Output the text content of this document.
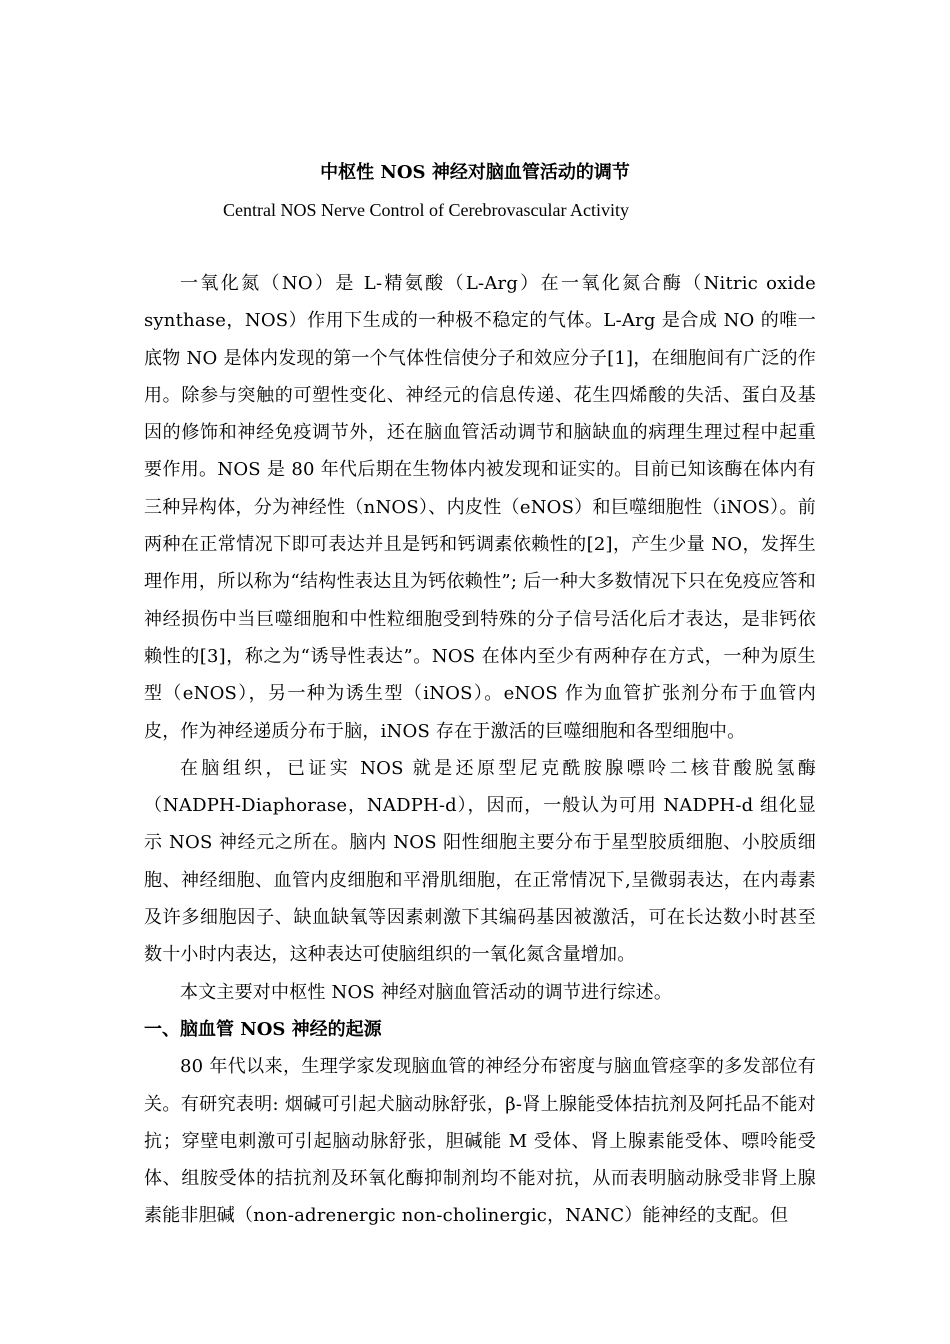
中枢性 NOS 神经对脑血管活动的调节
Central NOS Nerve Control of Cerebrovascular Activity

一氧化氮（NO）是 L-精氨酸（L-Arg）在一氧化氮合酶（Nitric oxide synthase，NOS）作用下生成的一种极不稳定的气体。L-Arg 是合成 NO 的唯一底物 NO 是体内发现的第一个气体性信使分子和效应分子[1]，在细胞间有广泛的作用。除参与突触的可塑性变化、神经元的信息传递、花生四烯酸的失活、蛋白及基因的修饰和神经免疫调节外，还在脑血管活动调节和脑缺血的病理生理过程中起重要作用。NOS 是 80 年代后期在生物体内被发现和证实的。目前已知该酶在体内有三种异构体，分为神经性（nNOS）、内皮性（eNOS）和巨噬细胞性（iNOS）。前两种在正常情况下即可表达并且是钙和钙调素依赖性的[2]，产生少量 NO，发挥生理作用，所以称为“结构性表达且为钙依赖性”; 后一种大多数情况下只在免疫应答和神经损伤中当巨噬细胞和中性粒细胞受到特殊的分子信号活化后才表达，是非钙依赖性的[3]，称之为“诱导性表达”。NOS 在体内至少有两种存在方式，一种为原生型（eNOS），另一种为诱生型（iNOS）。eNOS 作为血管扩张剂分布于血管内皮，作为神经递质分布于脑，iNOS 存在于激活的巨噬细胞和各型细胞中。

在脑组织，已证实 NOS 就是还原型尼克酰胺腺嘌呤二核苷酸脱氢酶（NADPH-Diaphorase，NADPH-d），因而，一般认为可用 NADPH-d 组化显示 NOS 神经元之所在。脑内 NOS 阳性细胞主要分布于星型胶质细胞、小胶质细胞、神经细胞、血管内皮细胞和平滑肌细胞，在正常情况下,呈微弱表达，在内毒素及许多细胞因子、缺血缺氧等因素刺激下其编码基因被激活，可在长达数小时甚至数十小时内表达，这种表达可使脑组织的一氧化氮含量增加。

本文主要对中枢性 NOS 神经对脑血管活动的调节进行综述。

一、脑血管 NOS 神经的起源

80 年代以来，生理学家发现脑血管的神经分布密度与脑血管痉挛的多发部位有关。有研究表明: 烟碱可引起犬脑动脉舒张，β-肾上腺能受体拮抗剂及阿托品不能对抗；穿壁电刺激可引起脑动脉舒张，胆碱能 M 受体、肾上腺素能受体、嘌呤能受体、组胺受体的拮抗剂及环氧化酶抑制剂均不能对抗，从而表明脑动脉受非肾上腺素能非胆碱（non-adrenergic non-cholinergic，NANC）能神经的支配。但
